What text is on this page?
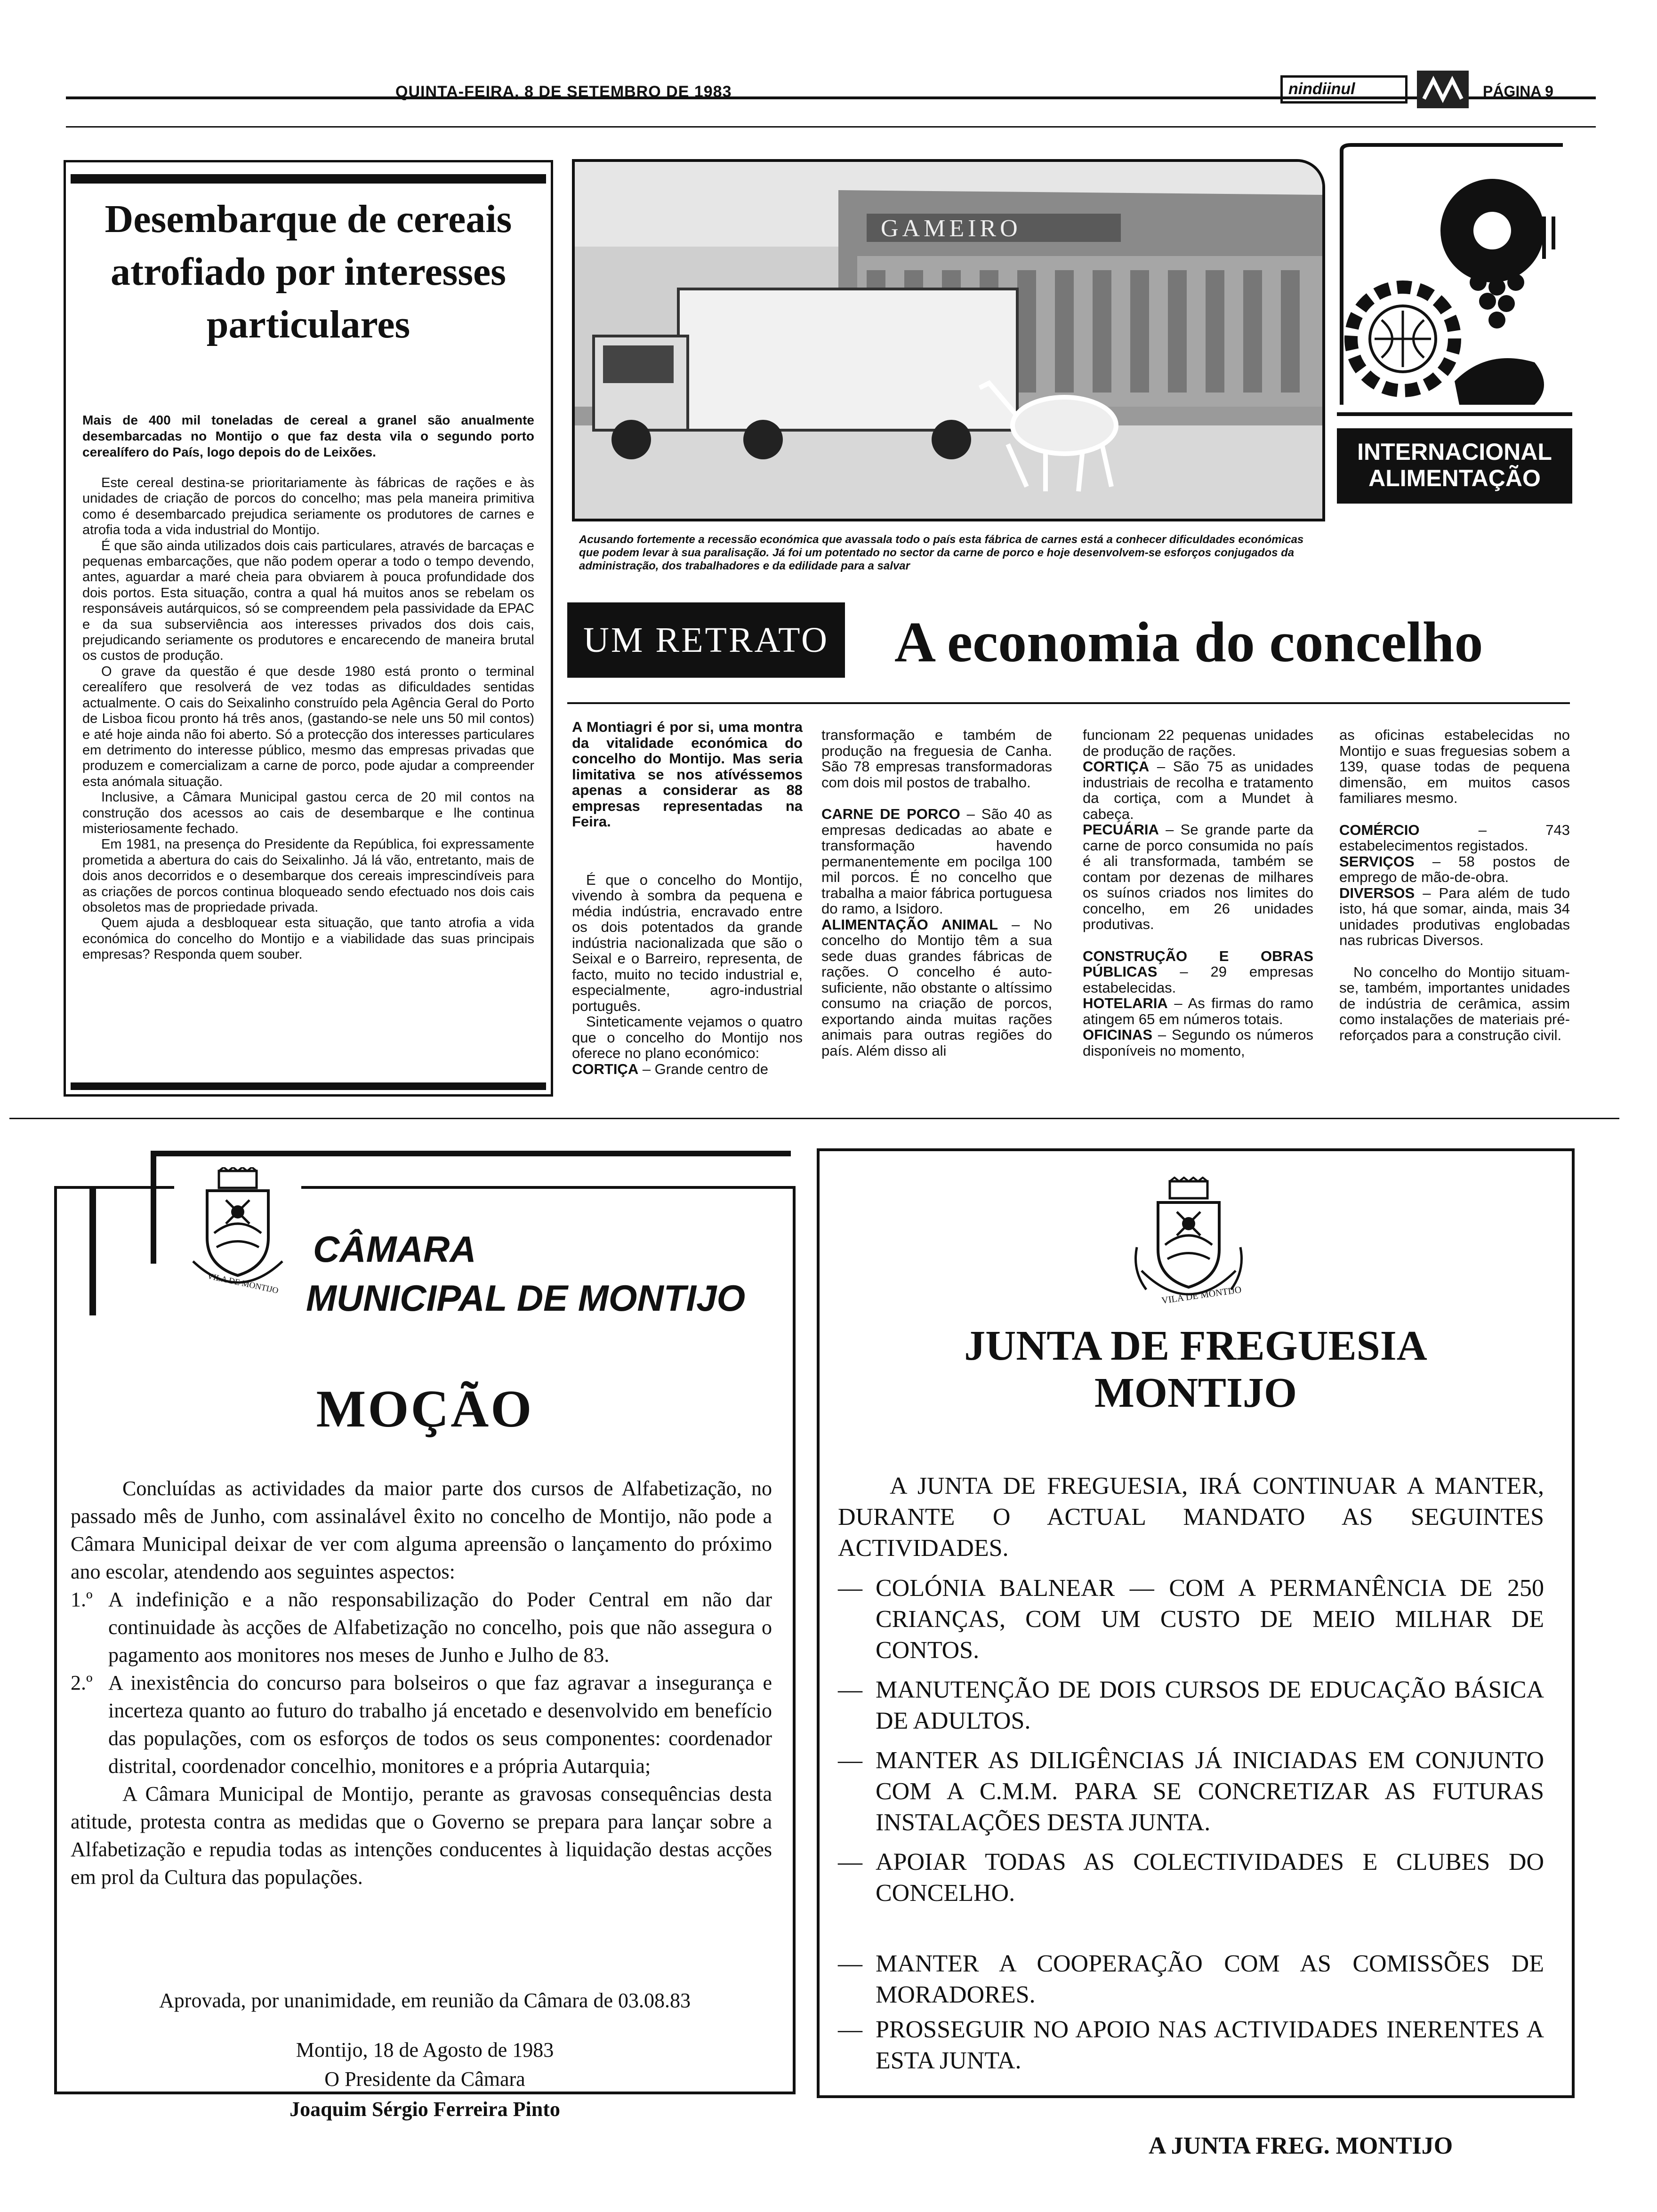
QUINTA-FEIRA, 8 DE SETEMBRO DE 1983	nindiinul	PÁGINA 9
Desembarque de cereais atrofiado por interesses particulares
Mais de 400 mil toneladas de cereal a granel são anualmente desembarcadas no Montijo o que faz desta vila o segundo porto cerealífero do País, logo depois do de Leixões.

Este cereal destina-se prioritariamente às fábricas de rações e às unidades de criação de porcos do concelho; mas pela maneira primitiva como é desembarcado prejudica seriamente os produtores de carnes e atrofia toda a vida industrial do Montijo.

É que são ainda utilizados dois cais particulares, através de barcaças e pequenas embarcações, que não podem operar a todo o tempo devendo, antes, aguardar a maré cheia para obviarem à pouca profundidade dos dois portos. Esta situação, contra a qual há muitos anos se rebelam os responsáveis autárquicos, só se compreendem pela passividade da EPAC e da sua subserviência aos interesses privados dos dois cais, prejudicando seriamente os produtores e encarecendo de maneira brutal os custos de produção.

O grave da questão é que desde 1980 está pronto o terminal cerealífero que resolverá de vez todas as dificuldades sentidas actualmente. O cais do Seixalinho construído pela Agência Geral do Porto de Lisboa ficou pronto há três anos, (gastando-se nele uns 50 mil contos) e até hoje ainda não foi aberto. Só a protecção dos interesses particulares em detrimento do interesse público, mesmo das empresas privadas que produzem e comercializam a carne de porco, pode ajudar a compreender esta anómala situação.

Inclusive, a Câmara Municipal gastou cerca de 20 mil contos na construção dos acessos ao cais de desembarque e lhe continua misteriosamente fechado.

Em 1981, na presença do Presidente da República, foi expressamente prometida a abertura do cais do Seixalinho. Já lá vão, entretanto, mais de dois anos decorridos e o desembarque dos cereais imprescindíveis para as criações de porcos continua bloqueado sendo efectuado nos dois cais obsoletos mas de propriedade privada.

Quem ajuda a desbloquear esta situação, que tanto atrofia a vida económica do concelho do Montijo e a viabilidade das suas principais empresas? Responda quem souber.

GAMEIRO
Acusando fortemente a recessão económica que avassala todo o país esta fábrica de carnes está a conhecer dificuldades económicas que podem levar à sua paralisação. Já foi um potentado no sector da carne de porco e hoje desenvolvem-se esforços conjugados da administração, dos trabalhadores e da edilidade para a salvar
INTERNACIONAL
ALIMENTAÇÃO
UM RETRATO A economia do concelho

A Montiagri é por si, uma montra da vitalidade económica do concelho do Montijo. Mas seria limitativa se nos atívéssemos apenas a considerar as 88 empresas representadas na Feira.

É que o concelho do Montijo, vivendo à sombra da pequena e média indústria, encravado entre os dois potentados da grande indústria nacionalizada que são o Seixal e o Barreiro, representa, de facto, muito no tecido industrial e, especialmente, agro-industrial português.

Sinteticamente vejamos o quatro que o concelho do Montijo nos oferece no plano económico:

CORTIÇA – Grande centro de

transformação e também de produção na freguesia de Canha. São 78 empresas transformadoras com dois mil postos de trabalho.

CARNE DE PORCO – São 40 as empresas dedicadas ao abate e transformação havendo permanentemente em pocilga 100 mil porcos. É no concelho que trabalha a maior fábrica portuguesa do ramo, a Isidoro.

ALIMENTAÇÃO ANIMAL – No concelho do Montijo têm a sua sede duas grandes fábricas de rações. O concelho é auto-suficiente, não obstante o altíssimo consumo na criação de porcos, exportando ainda muitas rações animais para outras regiões do país. Além disso ali

funcionam 22 pequenas unidades de produção de rações.

CORTIÇA – São 75 as unidades industriais de recolha e tratamento da cortiça, com a Mundet à cabeça.

PECUÁRIA – Se grande parte da carne de porco consumida no país é ali transformada, também se contam por dezenas de milhares os suínos criados nos limites do concelho, em 26 unidades produtivas.

CONSTRUÇÃO E OBRAS PÚBLICAS – 29 empresas estabelecidas.

HOTELARIA – As firmas do ramo atingem 65 em números totais.

OFICINAS – Segundo os números disponíveis no momento,

as oficinas estabelecidas no Montijo e suas freguesias sobem a 139, quase todas de pequena dimensão, em muitos casos familiares mesmo.

COMÉRCIO – 743 estabelecimentos registados.

SERVIÇOS – 58 postos de emprego de mão-de-obra.

DIVERSOS – Para além de tudo isto, há que somar, ainda, mais 34 unidades produtivas englobadas nas rubricas Diversos.

No concelho do Montijo situam-se, também, importantes unidades de indústria de cerâmica, assim como instalações de materiais pré-reforçados para a construção civil.

VILA DE MONTIJO
CÂMARA
MUNICIPAL DE MONTIJO
MOÇÃO

Concluídas as actividades da maior parte dos cursos de Alfabetização, no passado mês de Junho, com assinalável êxito no concelho de Montijo, não pode a Câmara Municipal deixar de ver com alguma apreensão o lançamento do próximo ano escolar, atendendo aos seguintes aspectos:

1.º A indefinição e a não responsabilização do Poder Central em não dar continuidade às acções de Alfabetização no concelho, pois que não assegura o pagamento aos monitores nos meses de Junho e Julho de 83.
2.º A inexistência do concurso para bolseiros o que faz agravar a insegurança e incerteza quanto ao futuro do trabalho já encetado e desenvolvido em benefício das populações, com os esforços de todos os seus componentes: coordenador distrital, coordenador concelhio, monitores e a própria Autarquia;

A Câmara Municipal de Montijo, perante as gravosas consequências desta atitude, protesta contra as medidas que o Governo se prepara para lançar sobre a Alfabetização e repudia todas as intenções conducentes à liquidação destas acções em prol da Cultura das populações.

Aprovada, por unanimidade, em reunião da Câmara de 03.08.83
Montijo, 18 de Agosto de 1983
O Presidente da Câmara
Joaquim Sérgio Ferreira Pinto
VILA DE MONTIJO
JUNTA DE FREGUESIA
MONTIJO
A JUNTA DE FREGUESIA, IRÁ CONTINUAR A MANTER, DURANTE O ACTUAL MANDATO AS SEGUINTES ACTIVIDADES.
— COLÓNIA BALNEAR — COM A PERMANÊNCIA DE 250 CRIANÇAS, COM UM CUSTO DE MEIO MILHAR DE CONTOS.
— MANUTENÇÃO DE DOIS CURSOS DE EDUCAÇÃO BÁSICA DE ADULTOS.
— MANTER AS DILIGÊNCIAS JÁ INICIADAS EM CONJUNTO COM A C.M.M. PARA SE CONCRETIZAR AS FUTURAS INSTALAÇÕES DESTA JUNTA.
— APOIAR TODAS AS COLECTIVIDADES E CLUBES DO CONCELHO.
— MANTER A COOPERAÇÃO COM AS COMISSÕES DE MORADORES.
— PROSSEGUIR NO APOIO NAS ACTIVIDADES INERENTES A ESTA JUNTA.
A JUNTA FREG. MONTIJO
